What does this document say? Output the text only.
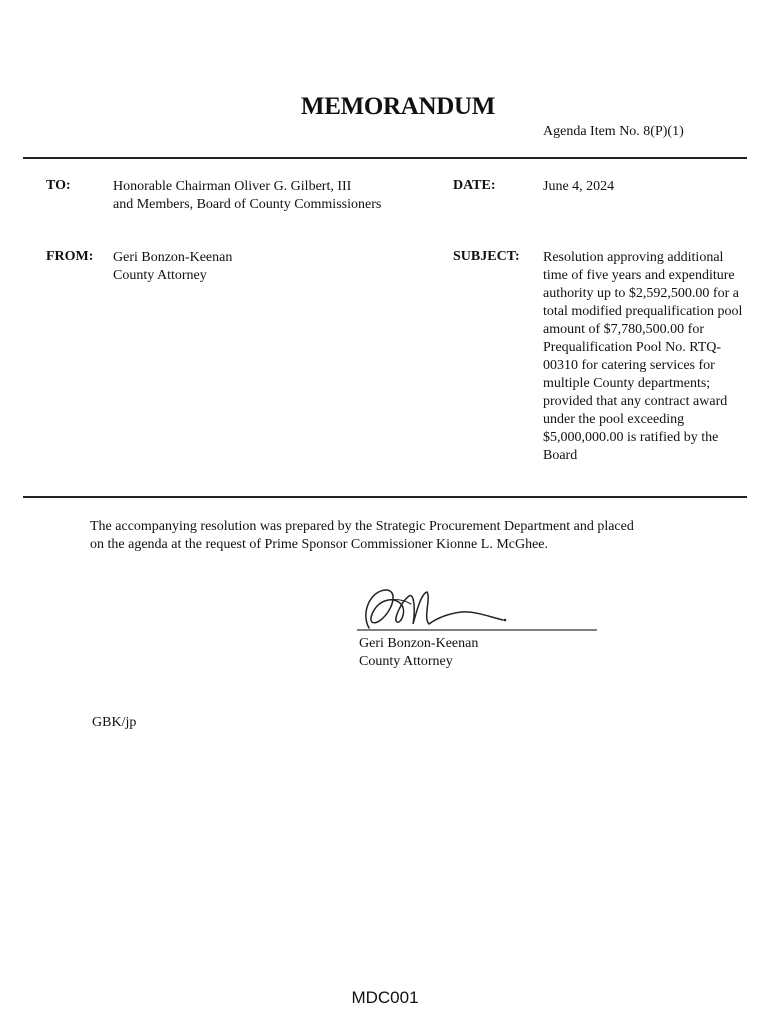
MEMORANDUM
Agenda Item No. 8(P)(1)
TO:	Honorable Chairman Oliver G. Gilbert, III
and Members, Board of County Commissioners
DATE:	June 4, 2024
FROM: Geri Bonzon-Keenan
County Attorney
SUBJECT: Resolution approving additional time of five years and expenditure authority up to $2,592,500.00 for a total modified prequalification pool amount of $7,780,500.00 for Prequalification Pool No. RTQ-00310 for catering services for multiple County departments; provided that any contract award under the pool exceeding $5,000,000.00 is ratified by the Board
The accompanying resolution was prepared by the Strategic Procurement Department and placed
on the agenda at the request of Prime Sponsor Commissioner Kionne L. McGhee.
Geri Bonzon-Keenan
County Attorney
GBK/jp
MDC001
